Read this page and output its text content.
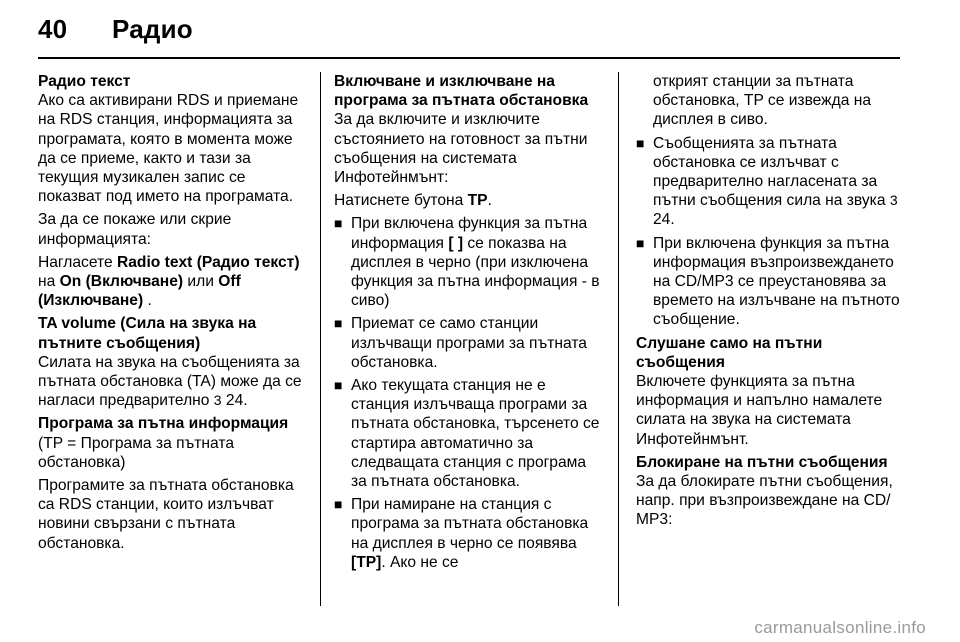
40 Радио
Радио текст

Ако са активирани RDS и приемане на RDS станция, информацията за програмата, която в момента може да се приеме, както и тази за текущия музикален запис се показват под името на програмата.

За да се покаже или скрие информацията:

Нагласете Radio text (Радио текст) на On (Включване) или Off (Изключване) .

TA volume (Сила на звука на пътните съобщения)

Силата на звука на съобщенията за пътната обстановка (TA) може да се нагласи предварително 3 24.

Програма за пътна информация

(TP = Програма за пътната обстановка)

Програмите за пътната обстановка са RDS станции, които излъчват новини свързани с пътната обстановка.

Включване и изключване на програма за пътната обстановка

За да включите и изключите състоянието на готовност за пътни съобщения на системата Инфотейнмънт:

Натиснете бутона TP.

■ При включена функция за пътна информация [ ] се показва на дисплея в черно (при изключена функция за пътна информация - в сиво)
■ Приемат се само станции излъчващи програми за пътната обстановка.
■ Ако текущата станция не е станция излъчваща програми за пътната обстановка, търсенето се стартира автоматично за следващата станция с програма за пътната обстановка.
■ При намиране на станция с програма за пътната обстановка на дисплея в черно се появява [TP]. Ако не се
открият станции за пътната обстановка, TP се извежда на дисплея в сиво.
■ Съобщенията за пътната обстановка се излъчват с предварително нагласената за пътни съобщения сила на звука 3 24.
■ При включена функция за пътна информация възпроизвеждането на CD/MP3 се преустановява за времето на излъчване на пътното съобщение.
Слушане само на пътни съобщения

Включете функцията за пътна информация и напълно намалете силата на звука на системата Инфотейнмънт.

Блокиране на пътни съобщения

За да блокирате пътни съобщения, напр. при възпроизвеждане на CD/ MP3:

carmanualsonline.info
